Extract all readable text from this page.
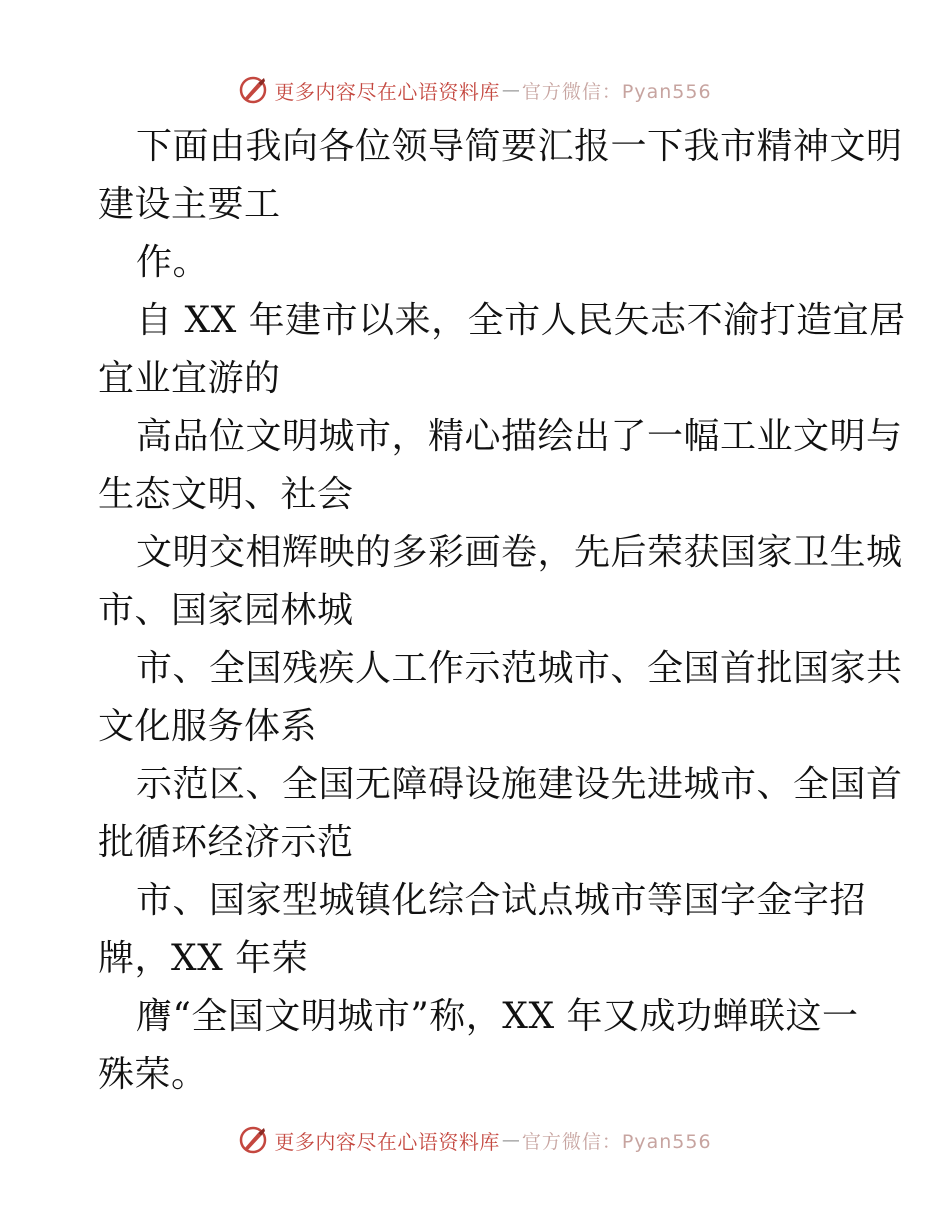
更多内容尽在心语资料库 — 官方微信：Pyan556
下面由我向各位领导简要汇报一下我市精神文明
建设主要工
作。
自 XX 年建市以来，全市人民矢志不渝打造宜居
宜业宜游的
高品位文明城市，精心描绘出了一幅工业文明与
生态文明、社会
文明交相辉映的多彩画卷，先后荣获国家卫生城
市、国家园林城
市、全国残疾人工作示范城市、全国首批国家共
文化服务体系
示范区、全国无障碍设施建设先进城市、全国首
批循环经济示范
市、国家型城镇化综合试点城市等国字金字招
牌，XX 年荣
膺“全国文明城市”称，XX 年又成功蝉联这一
殊荣。
更多内容尽在心语资料库 — 官方微信：Pyan556
